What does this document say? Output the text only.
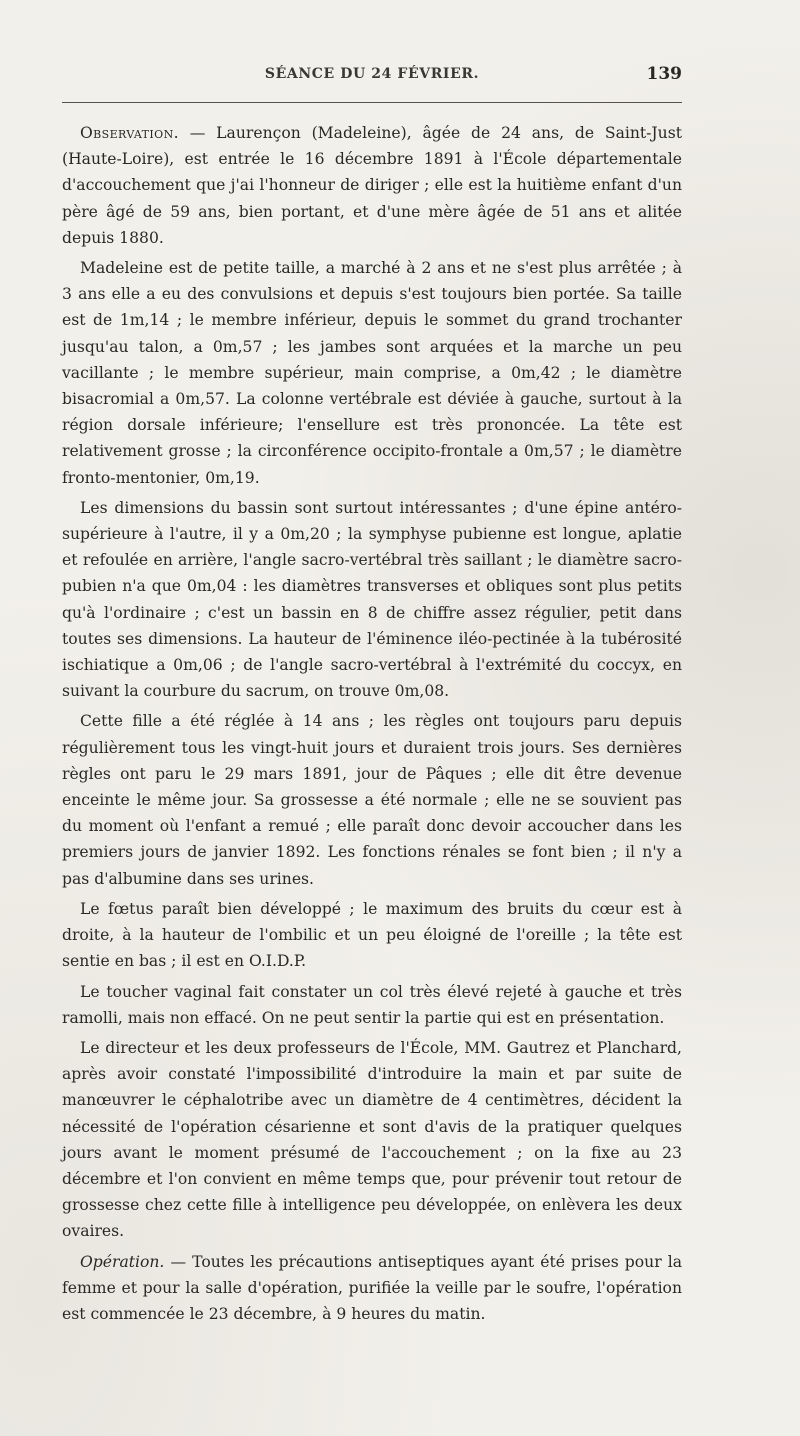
SÉANCE DU 24 FÉVRIER.	139

Observation. — Laurençon (Madeleine), âgée de 24 ans, de Saint-Just (Haute-Loire), est entrée le 16 décembre 1891 à l'École départementale d'accouchement que j'ai l'honneur de diriger ; elle est la huitième enfant d'un père âgé de 59 ans, bien portant, et d'une mère âgée de 51 ans et alitée depuis 1880.

Madeleine est de petite taille, a marché à 2 ans et ne s'est plus arrêtée ; à 3 ans elle a eu des convulsions et depuis s'est toujours bien portée. Sa taille est de 1m,14 ; le membre inférieur, depuis le sommet du grand trochanter jusqu'au talon, a 0m,57 ; les jambes sont arquées et la marche un peu vacillante ; le membre supérieur, main comprise, a 0m,42 ; le diamètre bisacromial a 0m,57. La colonne vertébrale est déviée à gauche, surtout à la région dorsale inférieure; l'ensellure est très prononcée. La tête est relativement grosse ; la circonférence occipito-frontale a 0m,57 ; le diamètre fronto-mentonier, 0m,19.

Les dimensions du bassin sont surtout intéressantes ; d'une épine antéro-supérieure à l'autre, il y a 0m,20 ; la symphyse pubienne est longue, aplatie et refoulée en arrière, l'angle sacro-vertébral très saillant ; le diamètre sacro-pubien n'a que 0m,04 : les diamètres transverses et obliques sont plus petits qu'à l'ordinaire ; c'est un bassin en 8 de chiffre assez régulier, petit dans toutes ses dimensions. La hauteur de l'éminence iléo-pectinée à la tubérosité ischiatique a 0m,06 ; de l'angle sacro-vertébral à l'extrémité du coccyx, en suivant la courbure du sacrum, on trouve 0m,08.

Cette fille a été réglée à 14 ans ; les règles ont toujours paru depuis régulièrement tous les vingt-huit jours et duraient trois jours. Ses dernières règles ont paru le 29 mars 1891, jour de Pâques ; elle dit être devenue enceinte le même jour. Sa grossesse a été normale ; elle ne se souvient pas du moment où l'enfant a remué ; elle paraît donc devoir accoucher dans les premiers jours de janvier 1892. Les fonctions rénales se font bien ; il n'y a pas d'albumine dans ses urines.

Le fœtus paraît bien développé ; le maximum des bruits du cœur est à droite, à la hauteur de l'ombilic et un peu éloigné de l'oreille ; la tête est sentie en bas ; il est en O.I.D.P.

Le toucher vaginal fait constater un col très élevé rejeté à gauche et très ramolli, mais non effacé. On ne peut sentir la partie qui est en présentation.

Le directeur et les deux professeurs de l'École, MM. Gautrez et Planchard, après avoir constaté l'impossibilité d'introduire la main et par suite de manœuvrer le céphalotribe avec un diamètre de 4 centimètres, décident la nécessité de l'opération césarienne et sont d'avis de la pratiquer quelques jours avant le moment présumé de l'accouchement ; on la fixe au 23 décembre et l'on convient en même temps que, pour prévenir tout retour de grossesse chez cette fille à intelligence peu développée, on enlèvera les deux ovaires.

Opération. — Toutes les précautions antiseptiques ayant été prises pour la femme et pour la salle d'opération, purifiée la veille par le soufre, l'opération est commencée le 23 décembre, à 9 heures du matin.
